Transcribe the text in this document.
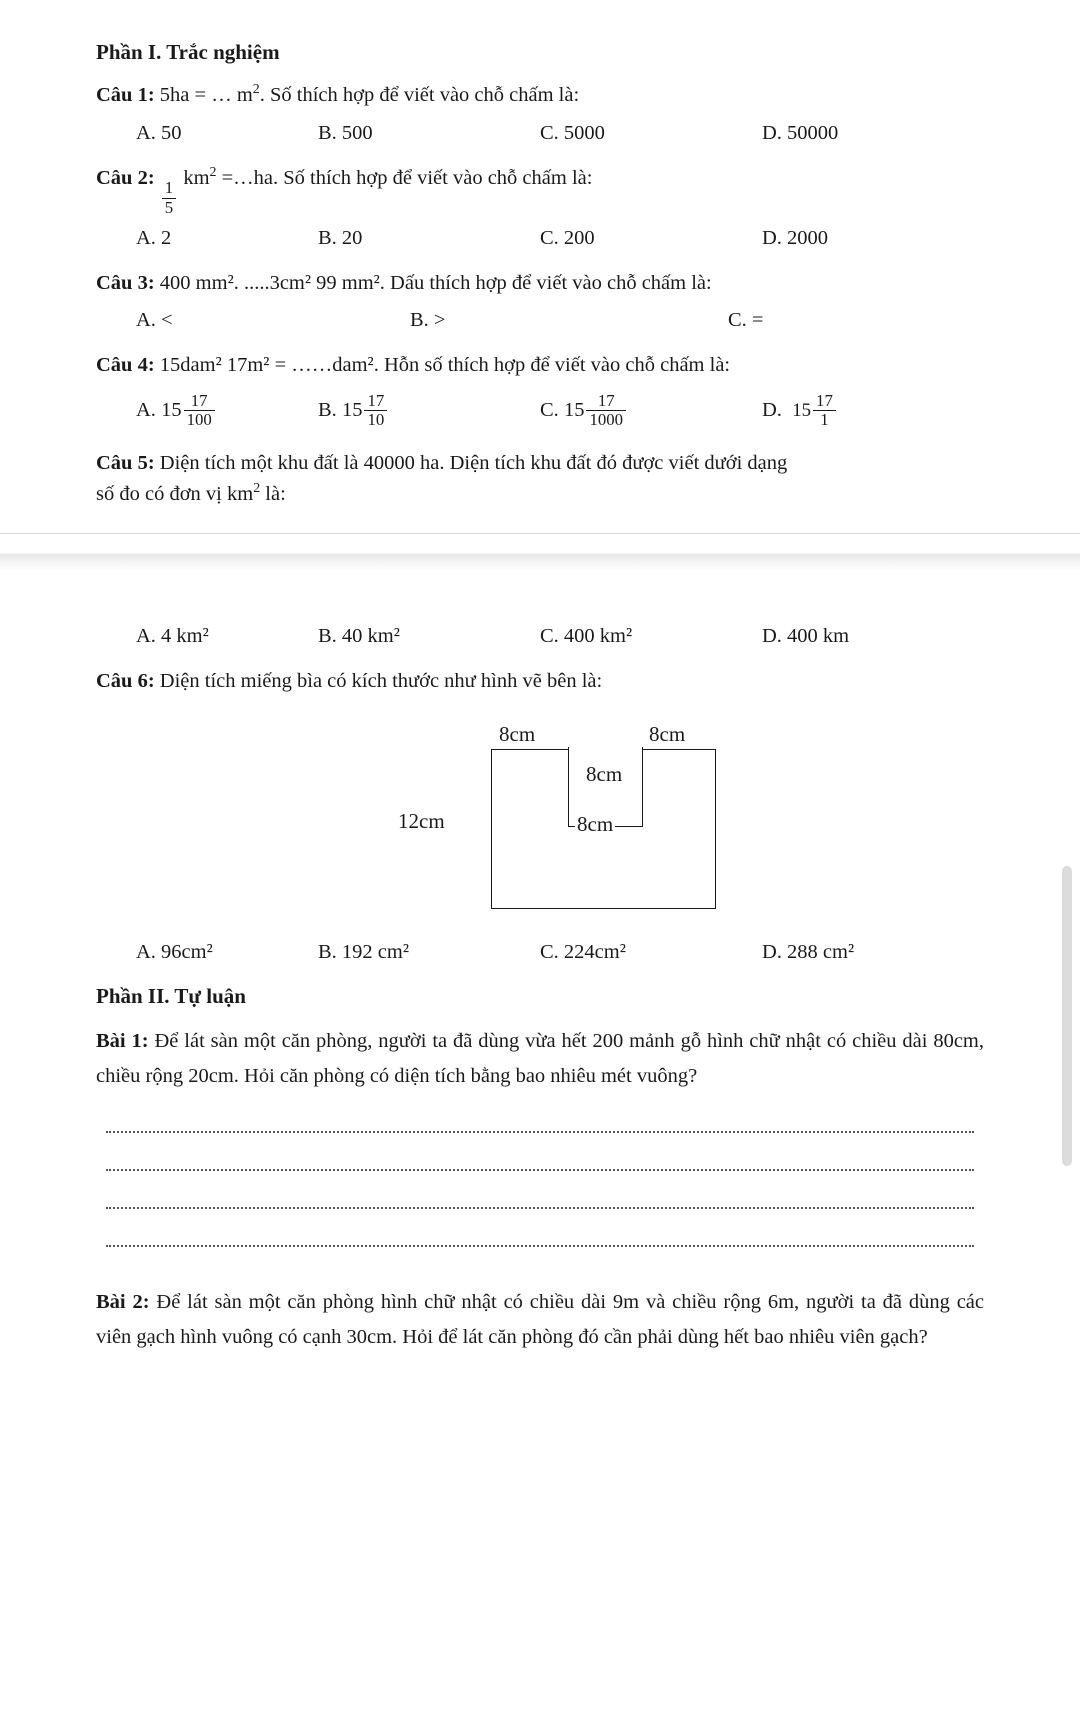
Phần I. Trắc nghiệm
Câu 1: 5ha = … $m^2$. Số thích hợp để viết vào chỗ chấm là:
A. 50	B. 500	C. 5000	D. 50000
Câu 2:
$\frac{1}{5}$
$km^2$ =…ha. Số thích hợp để viết vào chỗ chấm là:
A. 2	B. 20	C. 200	D. 2000
Câu 3: 400 mm². .....3cm² 99 mm². Dấu thích hợp để viết vào chỗ chấm là:
A. <	B. >	C. =
Câu 4: 15dam² 17m² = ……dam². Hỗn số thích hợp để viết vào chỗ chấm là:
A.
$15 \frac{17}{100}$	B.
$15 \frac{17}{10}$	C.
$15 \frac{17}{1000}$	D.
$15 \frac{17}{1}$
Câu 5: Diện tích một khu đất là 40000 ha. Diện tích khu đất đó được viết dưới dạng
số đo có đơn vị $km^2$ là:
A. 4 km²	B. 40 km²	C. 400 km²	D. 400 km
Câu 6: Diện tích miếng bìa có kích thước như hình vẽ bên là:
8cm	8cm
8cm
8cm
12cm
A. 96cm²	B. 192 cm²	C. 224cm²	D. 288 cm²
Phần II. Tự luận
Bài 1: Để lát sàn một căn phòng, người ta đã dùng vừa hết 200 mảnh gỗ hình chữ nhật có chiều dài 80cm, chiều rộng 20cm. Hỏi căn phòng có diện tích bằng bao nhiêu mét vuông?
Bài 2: Để lát sàn một căn phòng hình chữ nhật có chiều dài 9m và chiều rộng 6m, người ta đã dùng các viên gạch hình vuông có cạnh 30cm. Hỏi để lát căn phòng đó cần phải dùng hết bao nhiêu viên gạch?
